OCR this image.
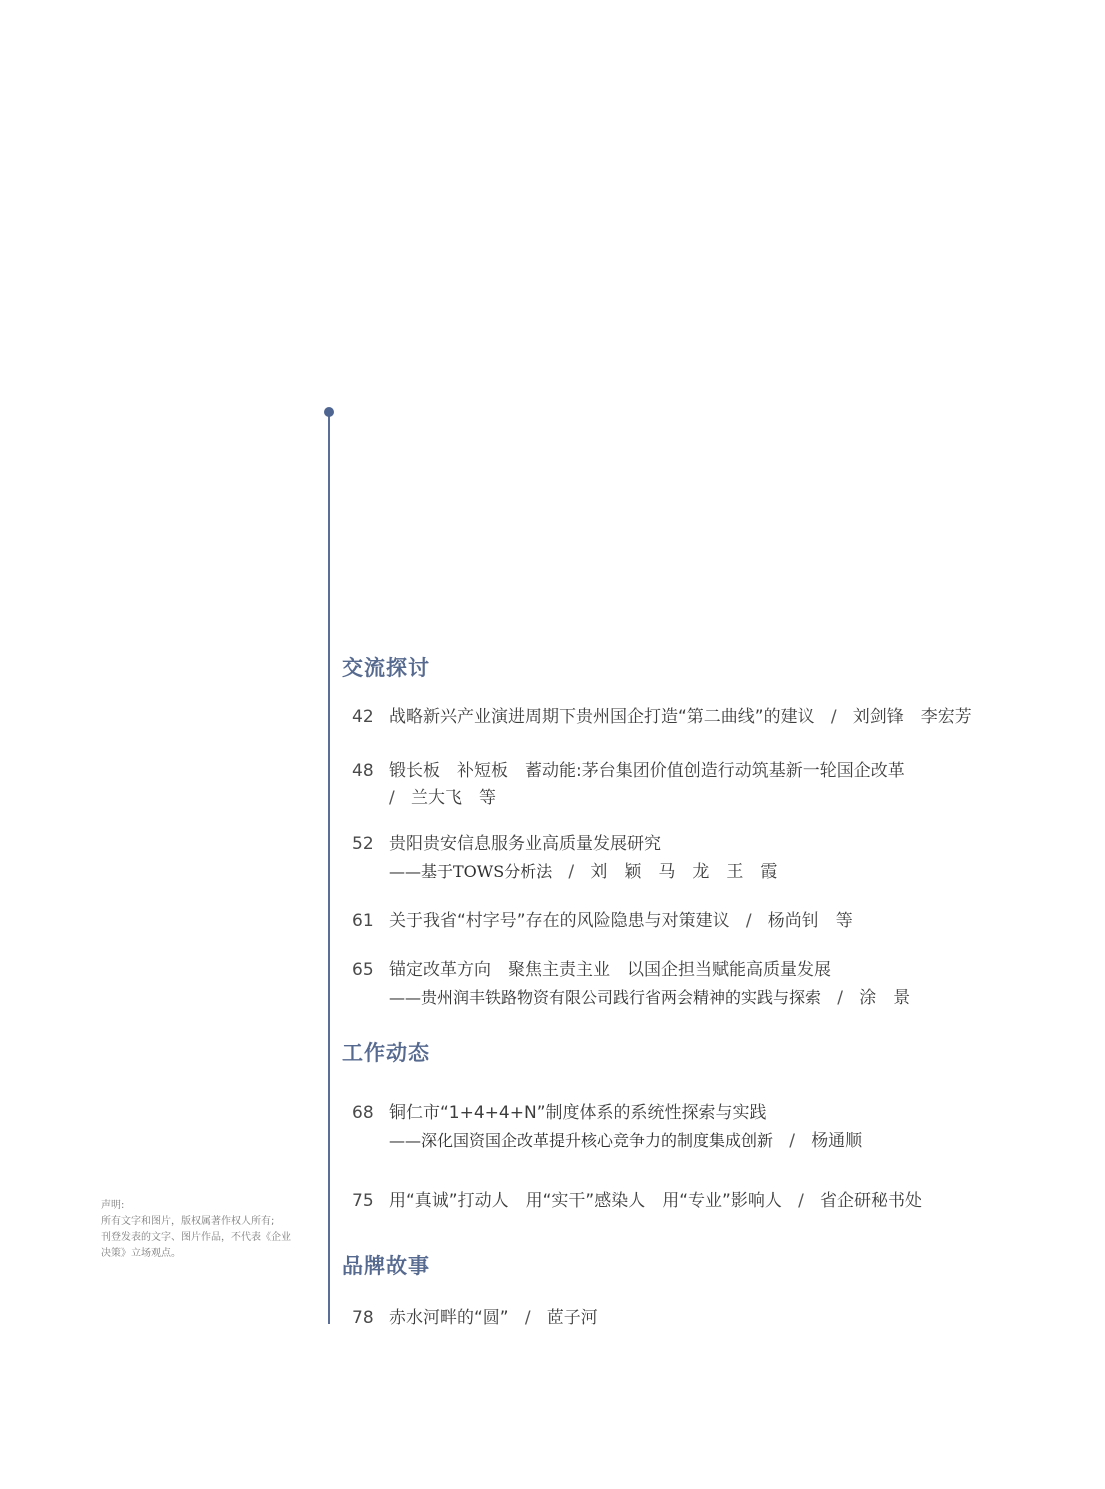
交流探讨
42 战略新兴产业演进周期下贵州国企打造“第二曲线”的建议 / 刘剑锋　李宏芳
48 锻长板　补短板　蓄动能:茅台集团价值创造行动筑基新一轮国企改革
/ 兰大飞　等
52 贵阳贵安信息服务业高质量发展研究
——基于TOWS分析法 / 刘　颖　马　龙　王　霞
61 关于我省“村字号”存在的风险隐患与对策建议 / 杨尚钊　等
65 锚定改革方向　聚焦主责主业　以国企担当赋能高质量发展
——贵州润丰铁路物资有限公司践行省两会精神的实践与探索 / 涂　景
工作动态
68 铜仁市“1+4+4+N”制度体系的系统性探索与实践
——深化国资国企改革提升核心竞争力的制度集成创新 / 杨通顺
75 用“真诚”打动人　用“实干”感染人　用“专业”影响人 / 省企研秘书处
品牌故事
78 赤水河畔的“圆” / 茝子河
声明:
所有文字和图片，版权属著作权人所有;
刊登发表的文字、图片作品，不代表《企业
决策》立场观点。
